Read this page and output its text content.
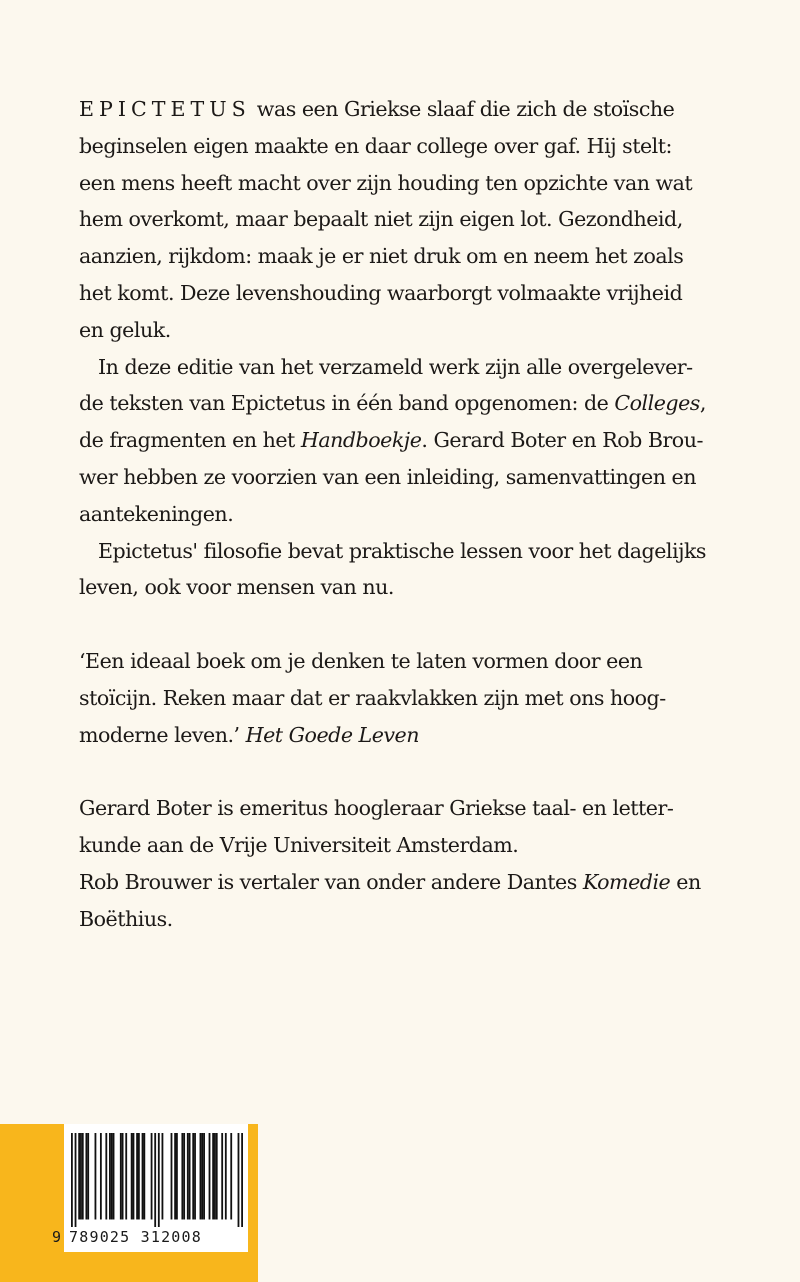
EPICTETUS was een Griekse slaaf die zich de stoïsche
beginselen eigen maakte en daar college over gaf. Hij stelt:
een mens heeft macht over zijn houding ten opzichte van wat
hem overkomt, maar bepaalt niet zijn eigen lot. Gezondheid,
aanzien, rijkdom: maak je er niet druk om en neem het zoals
het komt. Deze levenshouding waarborgt volmaakte vrijheid
en geluk.
In deze editie van het verzameld werk zijn alle overgelever-
de teksten van Epictetus in één band opgenomen: de Colleges,
de fragmenten en het Handboekje. Gerard Boter en Rob Brou-
wer hebben ze voorzien van een inleiding, samenvattingen en
aantekeningen.
Epictetus' filosofie bevat praktische lessen voor het dagelijks
leven, ook voor mensen van nu.
‘Een ideaal boek om je denken te laten vormen door een
stoïcijn. Reken maar dat er raakvlakken zijn met ons hoog-
moderne leven.’ Het Goede Leven
Gerard Boter is emeritus hoogleraar Griekse taal- en letter-
kunde aan de Vrije Universiteit Amsterdam.
Rob Brouwer is vertaler van onder andere Dantes Komedie en
Boëthius.
9 789025 312008
